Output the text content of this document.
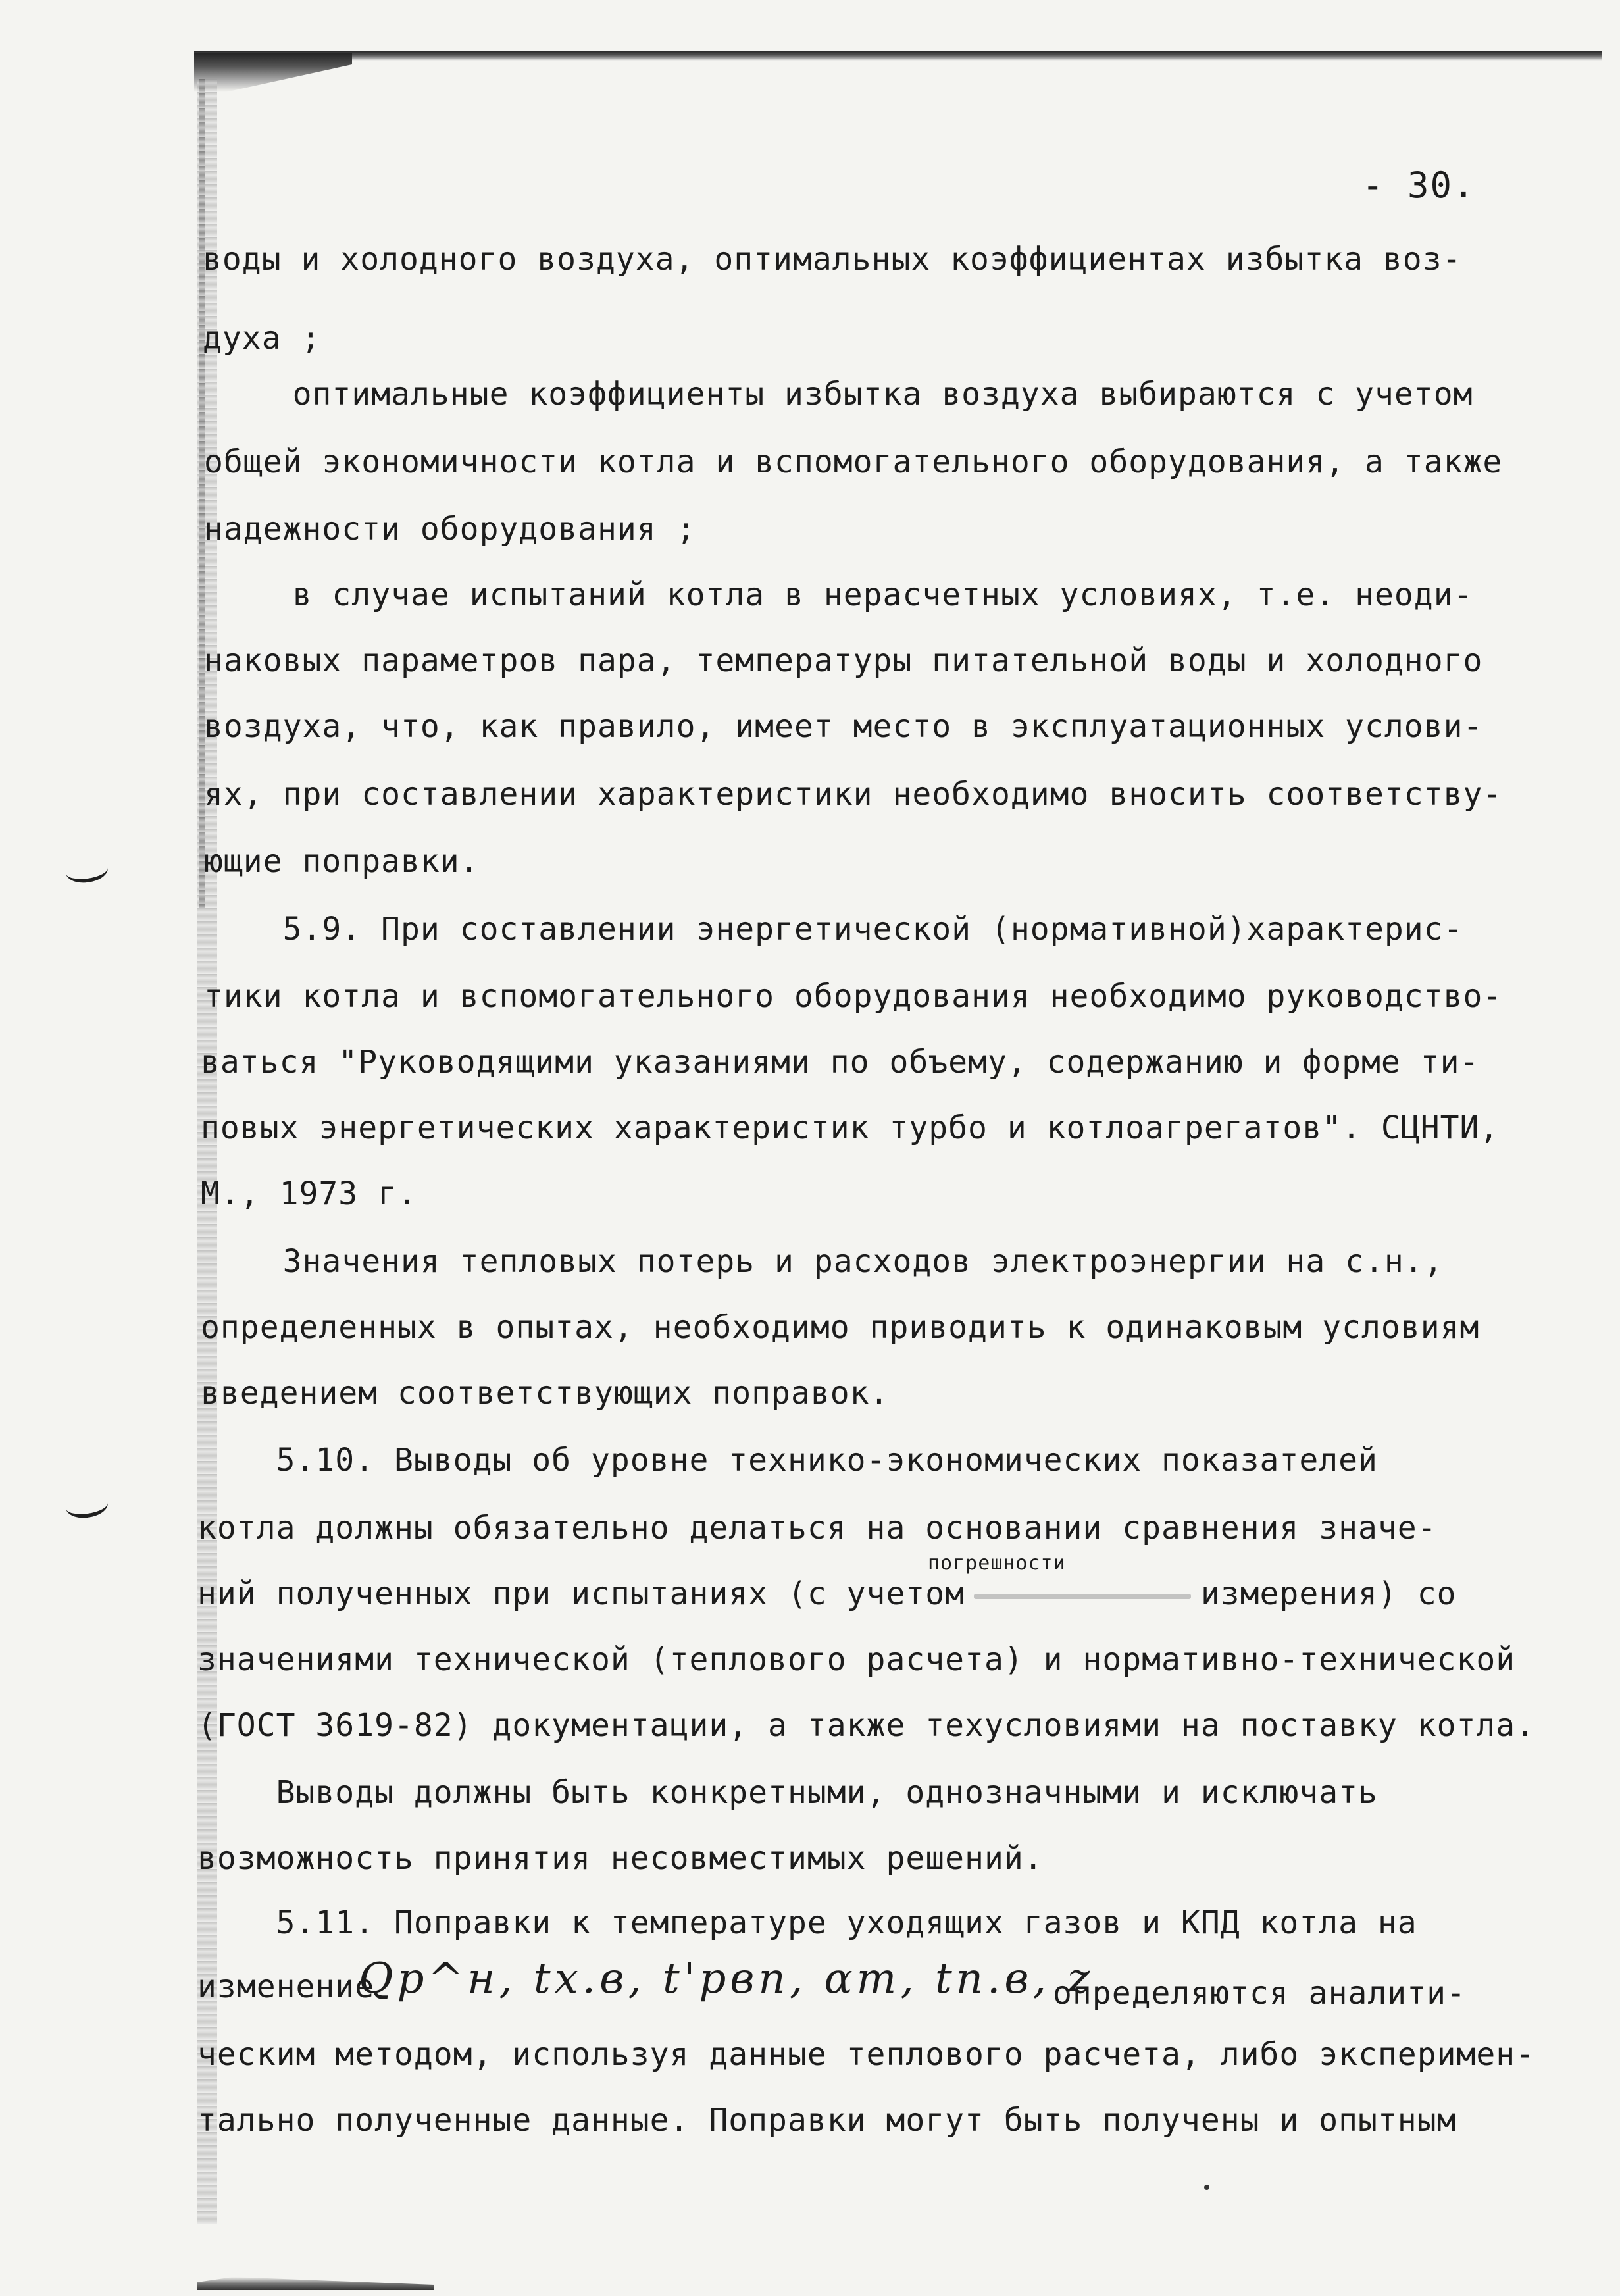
- 30.
воды и холодного воздуха, оптимальных коэффициентах избытка воз-
духа ;
оптимальные коэффициенты избытка воздуха выбираются с учетом
общей экономичности котла и вспомогательного оборудования, а также
надежности оборудования ;
в случае испытаний котла в нерасчетных условиях, т.е. неоди-
наковых параметров пара, температуры питательной воды и холодного
воздуха, что, как правило, имеет место в эксплуатационных услови-
ях, при составлении характеристики необходимо вносить соответству-
ющие поправки.
5.9. При составлении энергетической (нормативной)характерис-
тики котла и вспомогательного оборудования необходимо руководство-
ваться "Руководящими указаниями по объему, содержанию и форме ти-
повых энергетических характеристик турбо и котлоагрегатов". СЦНТИ,
М., 1973 г.
Значения тепловых потерь и расходов электроэнергии на с.н.,
определенных в опытах, необходимо приводить к одинаковым условиям
введением соответствующих поправок.
5.10. Выводы об уровне технико-экономических показателей
котла должны обязательно делаться на основании сравнения значе-
погрешности
ний полученных при испытаниях (с учетом            измерения) со
значениями технической (теплового расчета) и нормативно-технической
(ГОСТ 3619-82) документации, а также техусловиями на поставку котла.
Выводы должны быть конкретными, однозначными и исключать
возможность принятия несовместимых решений.
5.11. Поправки к температуре уходящих газов и КПД котла на
изменение
Qр^н, tх.в, t'рвп, αm, tп.в, z
определяются аналити-
ческим методом, используя данные теплового расчета, либо эксперимен-
тально полученные данные. Поправки могут быть получены и опытным
